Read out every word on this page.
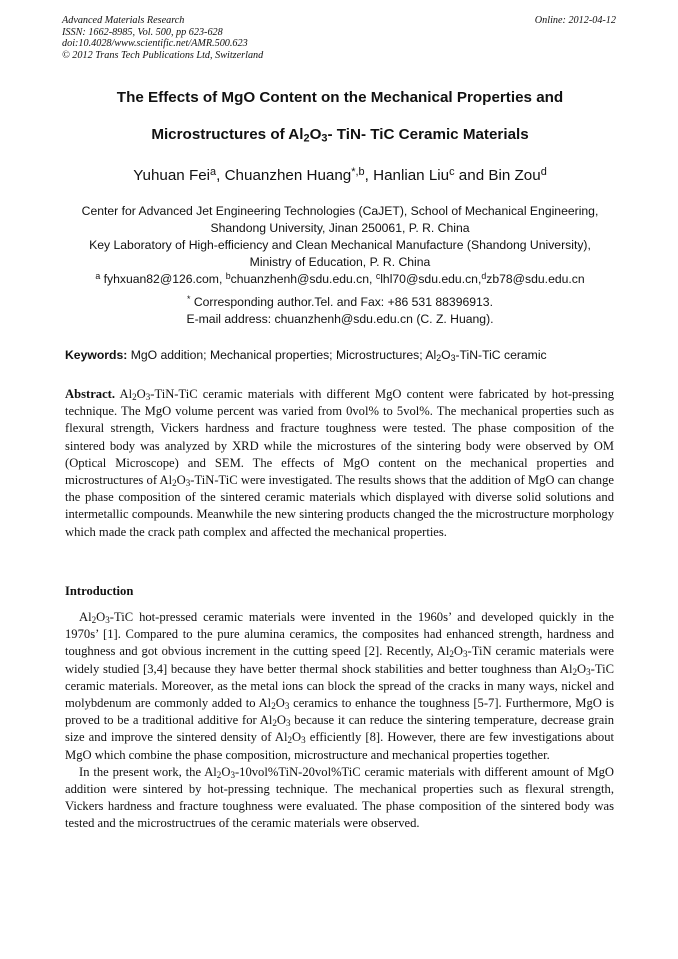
Advanced Materials Research
ISSN: 1662-8985, Vol. 500, pp 623-628
doi:10.4028/www.scientific.net/AMR.500.623
© 2012 Trans Tech Publications Ltd, Switzerland
Online: 2012-04-12
The Effects of MgO Content on the Mechanical Properties and
Microstructures of $Al_2O_3-$ TiN- TiC Ceramic Materials
Yuhuan Fei$^a$, Chuanzhen Huang$^{*,b}$, Hanlian Liu$^c$ and Bin Zou$^d$
Center for Advanced Jet Engineering Technologies (CaJET), School of Mechanical Engineering,
Shandong University, Jinan 250061, P. R. China
Key Laboratory of High-efficiency and Clean Mechanical Manufacture (Shandong University),
Ministry of Education, P. R. China
$^a$ fyhxuan82@126.com, $^b$chuanzhenh@sdu.edu.cn, $^c$lhl70@sdu.edu.cn,$^d$zb78@sdu.edu.cn
* Corresponding author.Tel. and Fax: +86 531 88396913.
E-mail address: chuanzhenh@sdu.edu.cn (C. Z. Huang).
Keywords: MgO addition; Mechanical properties; Microstructures; $Al_2O_3-TiN$-TiC ceramic
Abstract. $Al_2O_3-TiN$-TiC ceramic materials with different MgO content were fabricated by hot-pressing technique. The MgO volume percent was varied from 0vol% to 5vol%. The mechanical properties such as flexural strength, Vickers hardness and fracture toughness were tested. The phase composition of the sintered body was analyzed by XRD while the microstures of the sintering body were observed by OM (Optical Microscope) and SEM. The effects of MgO content on the mechanical properties and microstructures of $Al_2O_3-TiN$-TiC were investigated. The results shows that the addition of MgO can change the phase composition of the sintered ceramic materials which displayed with diverse solid solutions and intermetallic compounds. Meanwhile the new sintering products changed the the microstructure morphology which made the crack path complex and affected the mechanical properties.
Introduction

$Al_2O_3$-TiC hot-pressed ceramic materials were invented in the 1960s’ and developed quickly in the 1970s’ [1]. Compared to the pure alumina ceramics, the composites had enhanced strength, hardness and toughness and got obvious increment in the cutting speed [2]. Recently, $Al_2O_3$-TiN ceramic materials were widely studied [3,4] because they have better thermal shock stabilities and better toughness than $Al_2O_3$-TiC ceramic materials. Moreover, as the metal ions can block the spread of the cracks in many ways, nickel and molybdenum are commonly added to $Al_2O_3$ ceramics to enhance the toughness [5-7]. Furthermore, MgO is proved to be a traditional additive for $Al_2O_3$ because it can reduce the sintering temperature, decrease grain size and improve the sintered density of $Al_2O_3$ efficiently [8]. However, there are few investigations about MgO which combine the phase composition, microstructure and mechanical properties together.

In the present work, the $Al_2O_3-10vol\%TiN-20vol\%TiC$ ceramic materials with different amount of MgO addition were sintered by hot-pressing technique. The mechanical properties such as flexural strength, Vickers hardness and fracture toughness were evaluated. The phase composition of the sintered body was tested and the microstructrues of the ceramic materials were observed.
